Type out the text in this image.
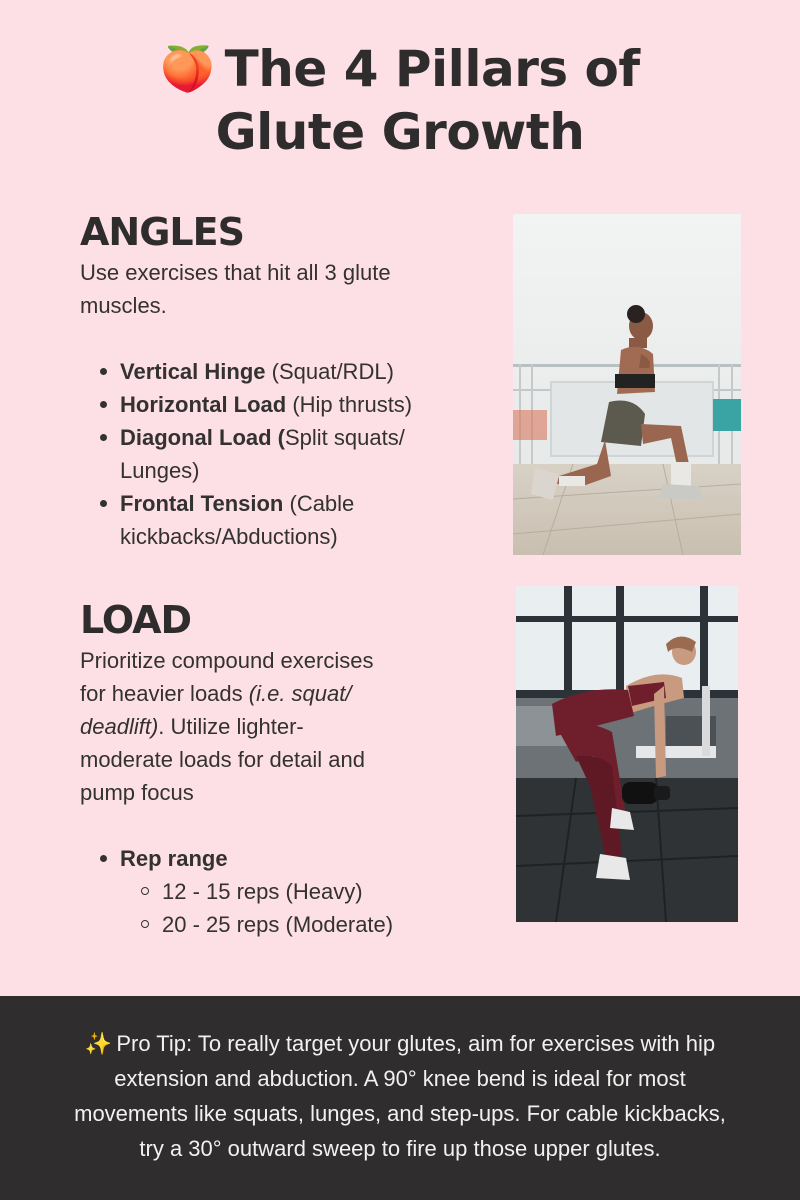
🍑 The 4 Pillars of
Glute Growth
ANGLES

Use exercises that hit all 3 glute
muscles.

Vertical Hinge (Squat/RDL)
Horizontal Load (Hip thrusts)
Diagonal Load (Split squats/
Lunges)
Frontal Tension (Cable
kickbacks/Abductions)
LOAD

Prioritize compound exercises
for heavier loads (i.e. squat/
deadlift). Utilize lighter-
moderate loads for detail and
pump focus

Rep range
12 - 15 reps (Heavy)
20 - 25 reps (Moderate)
✨ Pro Tip: To really target your glutes, aim for exercises with hip
extension and abduction. A 90° knee bend is ideal for most
movements like squats, lunges, and step-ups. For cable kickbacks,
try a 30° outward sweep to fire up those upper glutes.
